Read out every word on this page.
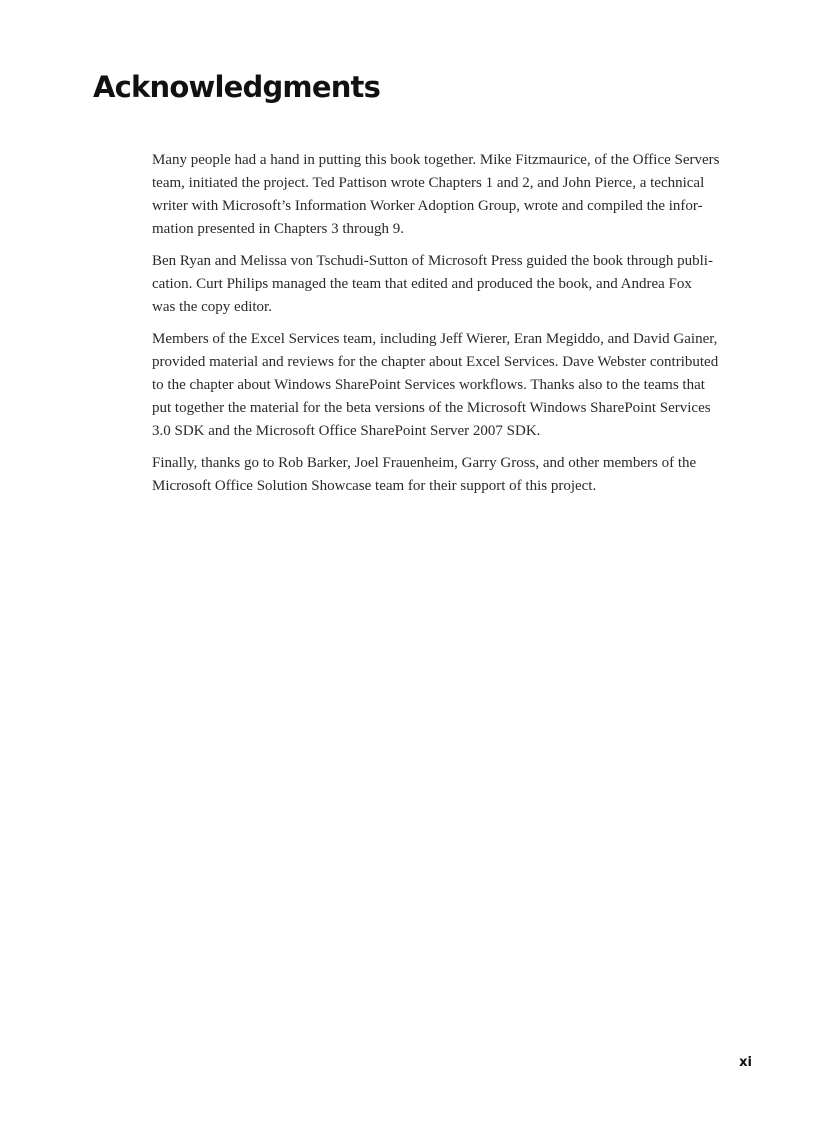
Acknowledgments

Many people had a hand in putting this book together. Mike Fitzmaurice, of the Office Servers
team, initiated the project. Ted Pattison wrote Chapters 1 and 2, and John Pierce, a technical
writer with Microsoft’s Information Worker Adoption Group, wrote and compiled the infor-
mation presented in Chapters 3 through 9.

Ben Ryan and Melissa von Tschudi-Sutton of Microsoft Press guided the book through publi-
cation. Curt Philips managed the team that edited and produced the book, and Andrea Fox
was the copy editor.

Members of the Excel Services team, including Jeff Wierer, Eran Megiddo, and David Gainer,
provided material and reviews for the chapter about Excel Services. Dave Webster contributed
to the chapter about Windows SharePoint Services workflows. Thanks also to the teams that
put together the material for the beta versions of the Microsoft Windows SharePoint Services
3.0 SDK and the Microsoft Office SharePoint Server 2007 SDK.

Finally, thanks go to Rob Barker, Joel Frauenheim, Garry Gross, and other members of the
Microsoft Office Solution Showcase team for their support of this project.

xi
